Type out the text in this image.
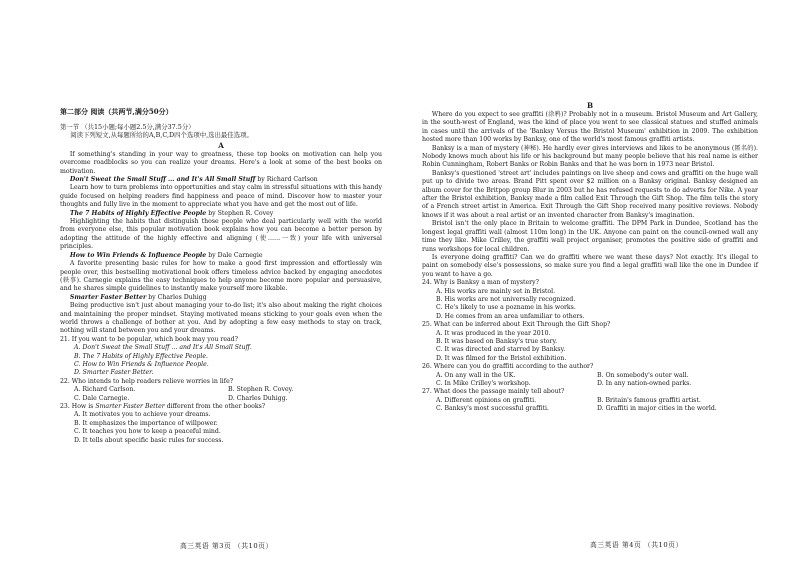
第二部分 阅读（共两节,满分50分）

第一节 （共15小题;每小题2.5分,满分37.5分）

阅读下列短文,从每题所给的A,B,C,D四个选项中,选出最佳选项。

A

If something's standing in your way to greatness, these top books on motivation can help you overcome roadblocks so you can realize your dreams. Here's a look at some of the best books on motivation.

Don't Sweat the Small Stuff ... and It's All Small Stuff by Richard Carlson

Learn how to turn problems into opportunities and stay calm in stressful situations with this handy guide focused on helping readers find happiness and peace of mind. Discover how to master your thoughts and fully live in the moment to appreciate what you have and get the most out of life.

The 7 Habits of Highly Effective People by Stephen R. Covey

Highlighting the habits that distinguish those people who deal particularly well with the world from everyone else, this popular motivation book explains how you can become a better person by adopting the attitude of the highly effective and aligning (使……一致) your life with universal principles.

How to Win Friends & Influence People by Dale Carnegie

A favorite presenting basic rules for how to make a good first impression and effortlessly win people over, this bestselling motivational book offers timeless advice backed by engaging anecdotes (轶事). Carnegie explains the easy techniques to help anyone become more popular and persuasive, and he shares simple guidelines to instantly make yourself more likable.

Smarter Faster Better by Charles Duhigg

Being productive isn't just about managing your to-do list; it's also about making the right choices and maintaining the proper mindset. Staying motivated means sticking to your goals even when the world throws a challenge of bother at you. And by adopting a few easy methods to stay on track, nothing will stand between you and your dreams.

21. If you want to be popular, which book may you read?

A. Don't Sweat the Small Stuff ... and It's All Small Stuff.

B. The 7 Habits of Highly Effective People.

C. How to Win Friends & Influence People.

D. Smarter Faster Better.

22. Who intends to help readers relieve worries in life?

A. Richard Carlson.	B. Stephen R. Covey.
C. Dale Carnegie.	D. Charles Duhigg.

23. How is Smarter Faster Better different from the other books?

A. It motivates you to achieve your dreams.

B. It emphasizes the importance of willpower.

C. It teaches you how to keep a peaceful mind.

D. It tells about specific basic rules for success.

B

Where do you expect to see graffiti (涂鸦)? Probably not in a museum. Bristol Museum and Art Gallery, in the south-west of England, was the kind of place you went to see classical statues and stuffed animals in cases until the arrivals of the 'Banksy Versus the Bristol Museum' exhibition in 2009. The exhibition hosted more than 100 works by Banksy, one of the world's most famous graffiti artists.

Banksy is a man of mystery (神秘). He hardly ever gives interviews and likes to be anonymous (匿名的). Nobody knows much about his life or his background but many people believe that his real name is either Robin Cunningham, Robert Banks or Robin Banks and that he was born in 1973 near Bristol.

Banksy's questioned 'street art' includes paintings on live sheep and cows and graffiti on the huge wall put up to divide two areas. Brand Pitt spent over $2 million on a Banksy original. Banksy designed an album cover for the Britpop group Blur in 2003 but he has refused requests to do adverts for Nike. A year after the Bristol exhibition, Banksy made a film called Exit Through the Gift Shop. The film tells the story of a French street artist in America. Exit Through the Gift Shop received many positive reviews. Nobody knows if it was about a real artist or an invented character from Banksy's imagination.

Bristol isn't the only place in Britain to welcome graffiti. The DPM Park in Dundee, Scotland has the longest legal graffiti wall (almost 110m long) in the UK. Anyone can paint on the council-owned wall any time they like. Mike Crilley, the graffiti wall project organiser, promotes the positive side of graffiti and runs workshops for local children.

Is everyone doing graffiti? Can we do graffiti where we want these days? Not exactly. It's illegal to paint on somebody else's possessions, so make sure you find a legal graffiti wall like the one in Dundee if you want to have a go.

24. Why is Banksy a man of mystery?

A. His works are mainly set in Bristol.

B. His works are not universally recognized.

C. He's likely to use a pozname in his works.

D. He comes from an area unfamiliar to others.

25. What can be inferred about Exit Through the Gift Shop?

A. It was produced in the year 2010.

B. It was based on Banksy's true story.

C. It was directed and starred by Banksy.

D. It was filmed for the Bristol exhibition.

26. Where can you do graffiti according to the author?

A. On any wall in the UK.	B. On somebody's outer wall.
C. In Mike Crilley's workshop.	D. In any nation-owned parks.

27. What does the passage mainly tell about?

A. Different opinions on graffiti.	B. Britain's famous graffiti artist.
C. Banksy's most successful graffiti.	D. Graffiti in major cities in the world.
高三英语 第3页 （共10页）	高三英语 第4页 （共10页）
